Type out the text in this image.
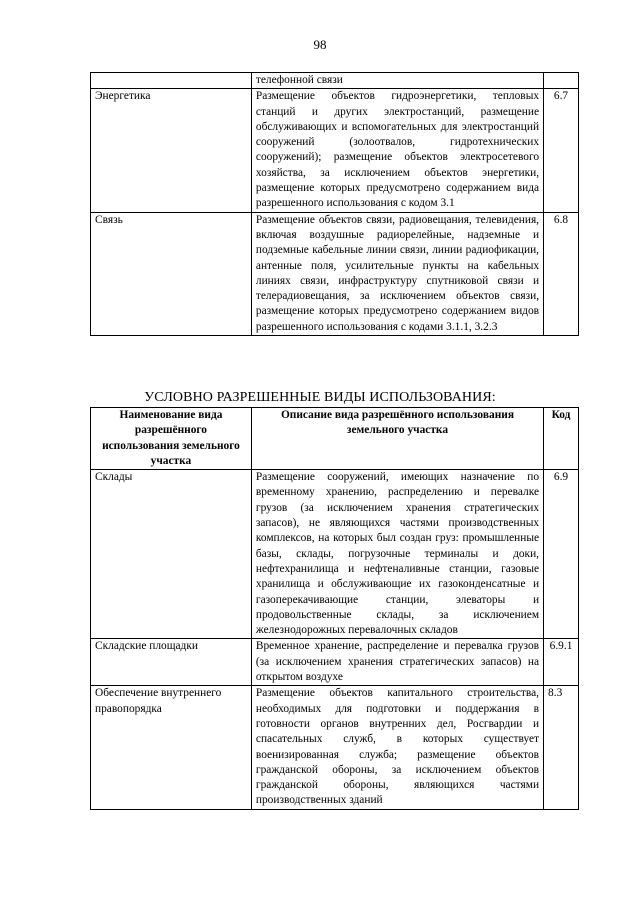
98
	телефонной связи	
Энергетика	Размещение объектов гидроэнергетики, тепловых станций и других электростанций, размещение обслуживающих и вспомогательных для электростанций сооружений (золоотвалов, гидротехнических сооружений); размещение объектов электросетевого хозяйства, за исключением объектов энергетики, размещение которых предусмотрено содержанием вида разрешенного использования с кодом 3.1	6.7
Связь	Размещение объектов связи, радиовещания, телевидения, включая воздушные радиорелейные, надземные и подземные кабельные линии связи, линии радиофикации, антенные поля, усилительные пункты на кабельных линиях связи, инфраструктуру спутниковой связи и телерадиовещания, за исключением объектов связи, размещение которых предусмотрено содержанием видов разрешенного использования с кодами 3.1.1, 3.2.3	6.8
УСЛОВНО РАЗРЕШЕННЫЕ ВИДЫ ИСПОЛЬЗОВАНИЯ:
Наименование вида разрешённого использования земельного участка	Описание вида разрешённого использования земельного участка	Код
Склады	Размещение сооружений, имеющих назначение по временному хранению, распределению и перевалке грузов (за исключением хранения стратегических запасов), не являющихся частями производственных комплексов, на которых был создан груз: промышленные базы, склады, погрузочные терминалы и доки, нефтехранилища и нефтеналивные станции, газовые хранилища и обслуживающие их газоконденсатные и газоперекачивающие станции, элеваторы и продовольственные склады, за исключением железнодорожных перевалочных складов	6.9
Складские площадки	Временное хранение, распределение и перевалка грузов (за исключением хранения стратегических запасов) на открытом воздухе	6.9.1
Обеспечение внутреннего правопорядка	Размещение объектов капитального строительства, необходимых для подготовки и поддержания в готовности органов внутренних дел, Росгвардии и спасательных служб, в которых существует военизированная служба; размещение объектов гражданской обороны, за исключением объектов гражданской обороны, являющихся частями производственных зданий	8.3
